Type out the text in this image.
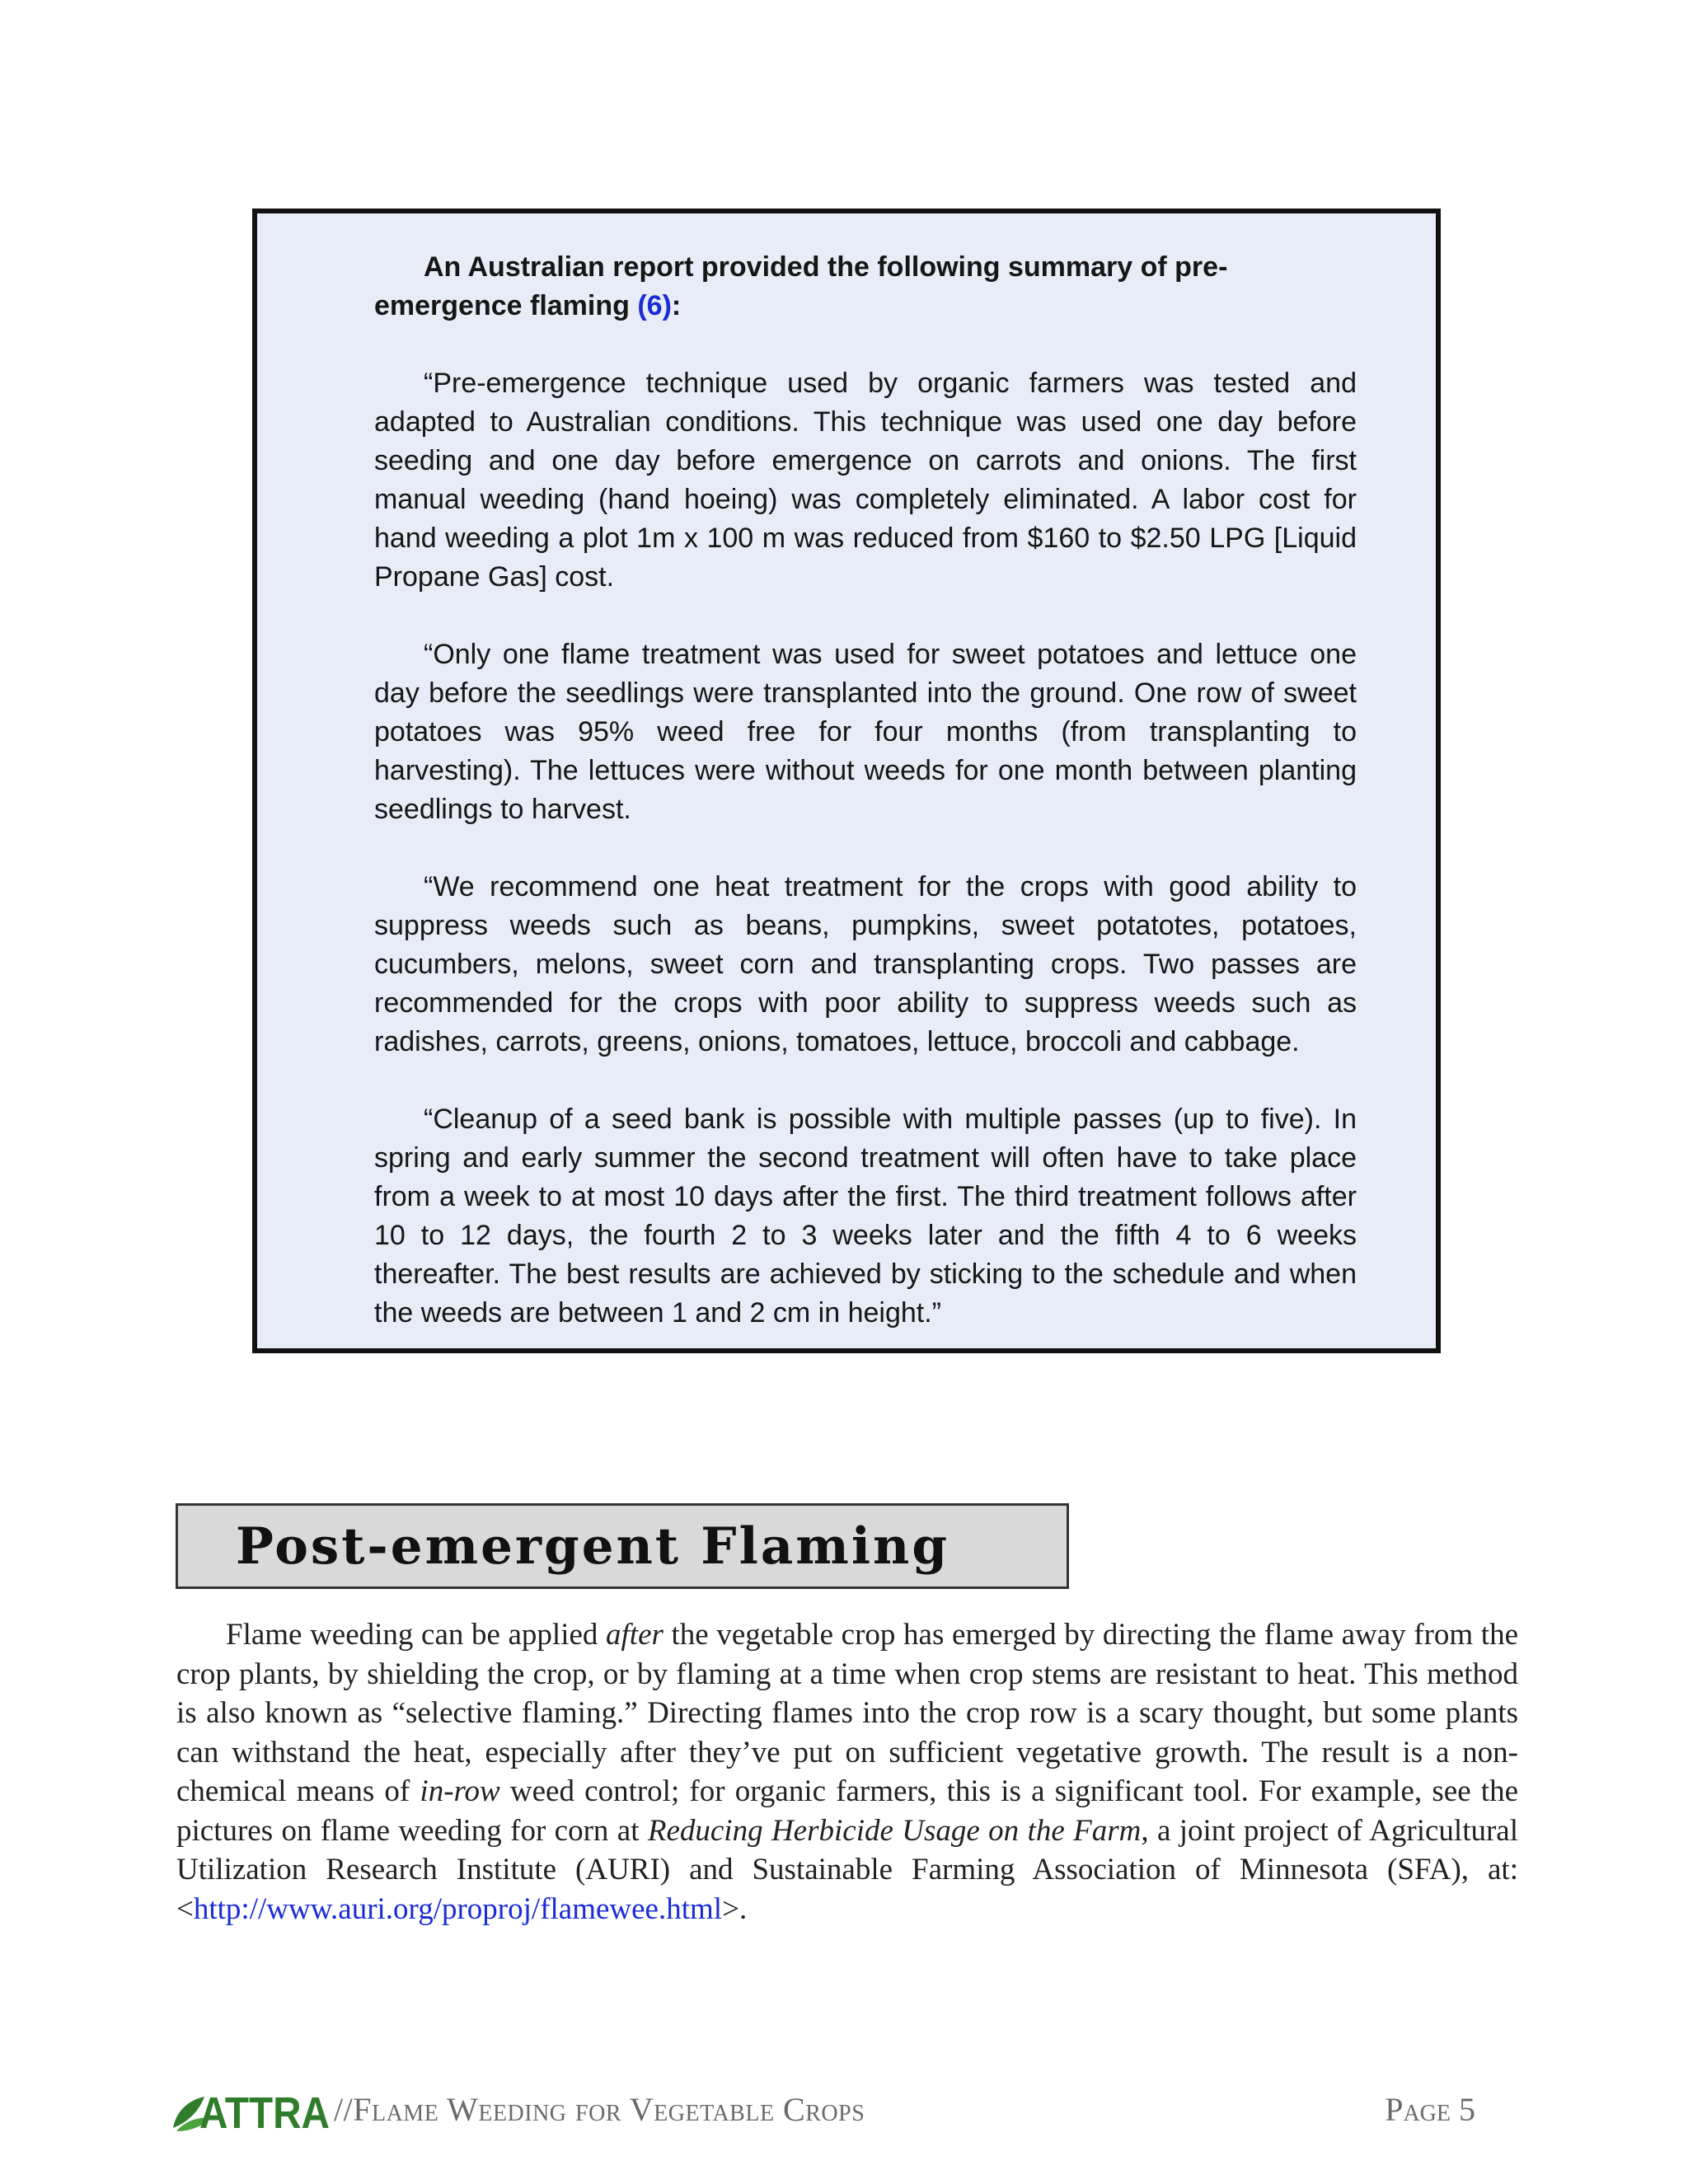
An Australian report provided the following summary of pre-emergence flaming (6):

“Pre-emergence technique used by organic farmers was tested and adapted to Australian conditions. This technique was used one day before seeding and one day before emergence on carrots and onions. The first manual weeding (hand hoeing) was completely eliminated. A labor cost for hand weeding a plot 1m x 100 m was reduced from $160 to $2.50 LPG [Liquid Propane Gas] cost.

“Only one flame treatment was used for sweet potatoes and lettuce one day before the seedlings were transplanted into the ground. One row of sweet potatoes was 95% weed free for four months (from transplanting to harvesting). The lettuces were without weeds for one month between planting seedlings to harvest.

“We recommend one heat treatment for the crops with good ability to suppress weeds such as beans, pumpkins, sweet potatotes, potatoes, cucumbers, melons, sweet corn and transplanting crops. Two passes are recommended for the crops with poor ability to suppress weeds such as radishes, carrots, greens, onions, tomatoes, lettuce, broccoli and cabbage.

“Cleanup of a seed bank is possible with multiple passes (up to five). In spring and early summer the second treatment will often have to take place from a week to at most 10 days after the first. The third treatment follows after 10 to 12 days, the fourth 2 to 3 weeks later and the fifth 4 to 6 weeks thereafter. The best results are achieved by sticking to the schedule and when the weeds are between 1 and 2 cm in height.”

Post-emergent Flaming

Flame weeding can be applied after the vegetable crop has emerged by directing the flame away from the crop plants, by shielding the crop, or by flaming at a time when crop stems are resistant to heat. This method is also known as “selective flaming.” Directing flames into the crop row is a scary thought, but some plants can withstand the heat, especially after they’ve put on sufficient vegetative growth. The result is a non-chemical means of in-row weed control; for organic farmers, this is a significant tool. For example, see the pictures on flame weeding for corn at Reducing Herbicide Usage on the Farm, a joint project of Agricultural Utilization Research Institute (AURI) and Sustainable Farming Association of Minnesota (SFA), at: <http://www.auri.org/proproj/flamewee.html>.

ATTRA //Flame Weeding for Vegetable Crops	Page 5
